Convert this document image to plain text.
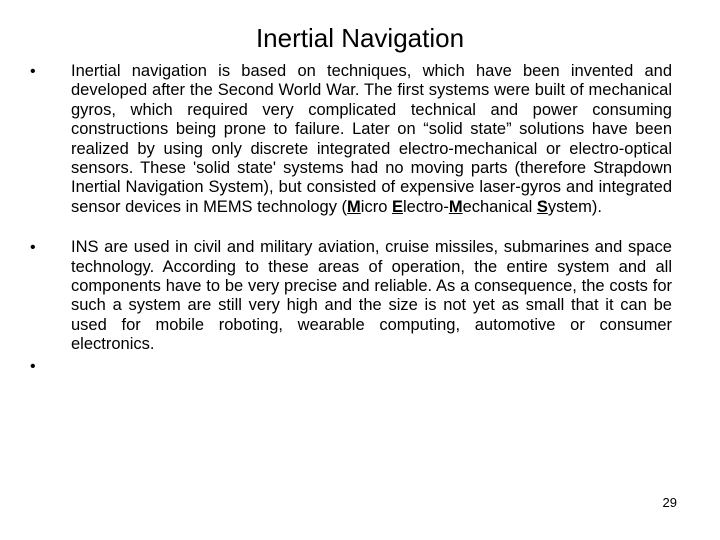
Inertial Navigation
• Inertial navigation is based on techniques, which have been invented and developed after the Second World War. The first systems were built of mechanical gyros, which required very complicated technical and power consuming constructions being prone to failure. Later on “solid state” solutions have been realized by using only discrete integrated electro-mechanical or electro-optical sensors. These 'solid state' systems had no moving parts (therefore Strapdown Inertial Navigation System), but consisted of expensive laser-gyros and integrated sensor devices in MEMS technology (Micro Electro-Mechanical System).
• INS are used in civil and military aviation, cruise missiles, submarines and space technology. According to these areas of operation, the entire system and all components have to be very precise and reliable. As a consequence, the costs for such a system are still very high and the size is not yet as small that it can be used for mobile roboting, wearable computing, automotive or consumer electronics.
•
29
